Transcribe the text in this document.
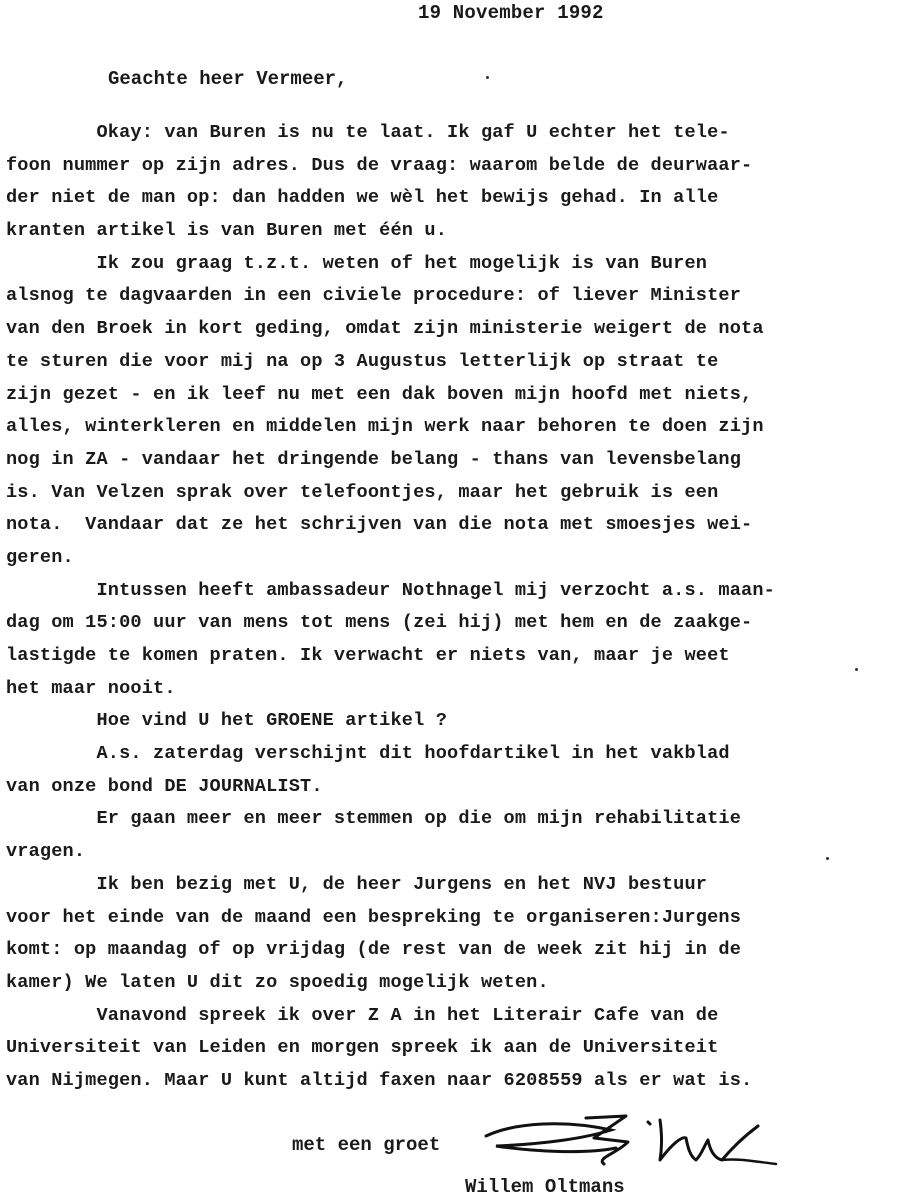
19 November 1992
Geachte heer Vermeer,
Okay: van Buren is nu te laat. Ik gaf U echter het tele-
foon nummer op zijn adres. Dus de vraag: waarom belde de deurwaar-
der niet de man op: dan hadden we wèl het bewijs gehad. In alle
kranten artikel is van Buren met één u.
Ik zou graag t.z.t. weten of het mogelijk is van Buren
alsnog te dagvaarden in een civiele procedure: of liever Minister
van den Broek in kort geding, omdat zijn ministerie weigert de nota
te sturen die voor mij na op 3 Augustus letterlijk op straat te
zijn gezet - en ik leef nu met een dak boven mijn hoofd met niets,
alles, winterkleren en middelen mijn werk naar behoren te doen zijn
nog in ZA - vandaar het dringende belang - thans van levensbelang
is. Van Velzen sprak over telefoontjes, maar het gebruik is een
nota.  Vandaar dat ze het schrijven van die nota met smoesjes wei-
geren.
Intussen heeft ambassadeur Nothnagel mij verzocht a.s. maan-
dag om 15:00 uur van mens tot mens (zei hij) met hem en de zaakge-
lastigde te komen praten. Ik verwacht er niets van, maar je weet
het maar nooit.
Hoe vind U het GROENE artikel ?
A.s. zaterdag verschijnt dit hoofdartikel in het vakblad
van onze bond DE JOURNALIST.
Er gaan meer en meer stemmen op die om mijn rehabilitatie
vragen.
Ik ben bezig met U, de heer Jurgens en het NVJ bestuur
voor het einde van de maand een bespreking te organiseren:Jurgens
komt: op maandag of op vrijdag (de rest van de week zit hij in de
kamer) We laten U dit zo spoedig mogelijk weten.
Vanavond spreek ik over Z A in het Literair Cafe van de
Universiteit van Leiden en morgen spreek ik aan de Universiteit
van Nijmegen. Maar U kunt altijd faxen naar 6208559 als er wat is.
met een groet
Willem Oltmans
